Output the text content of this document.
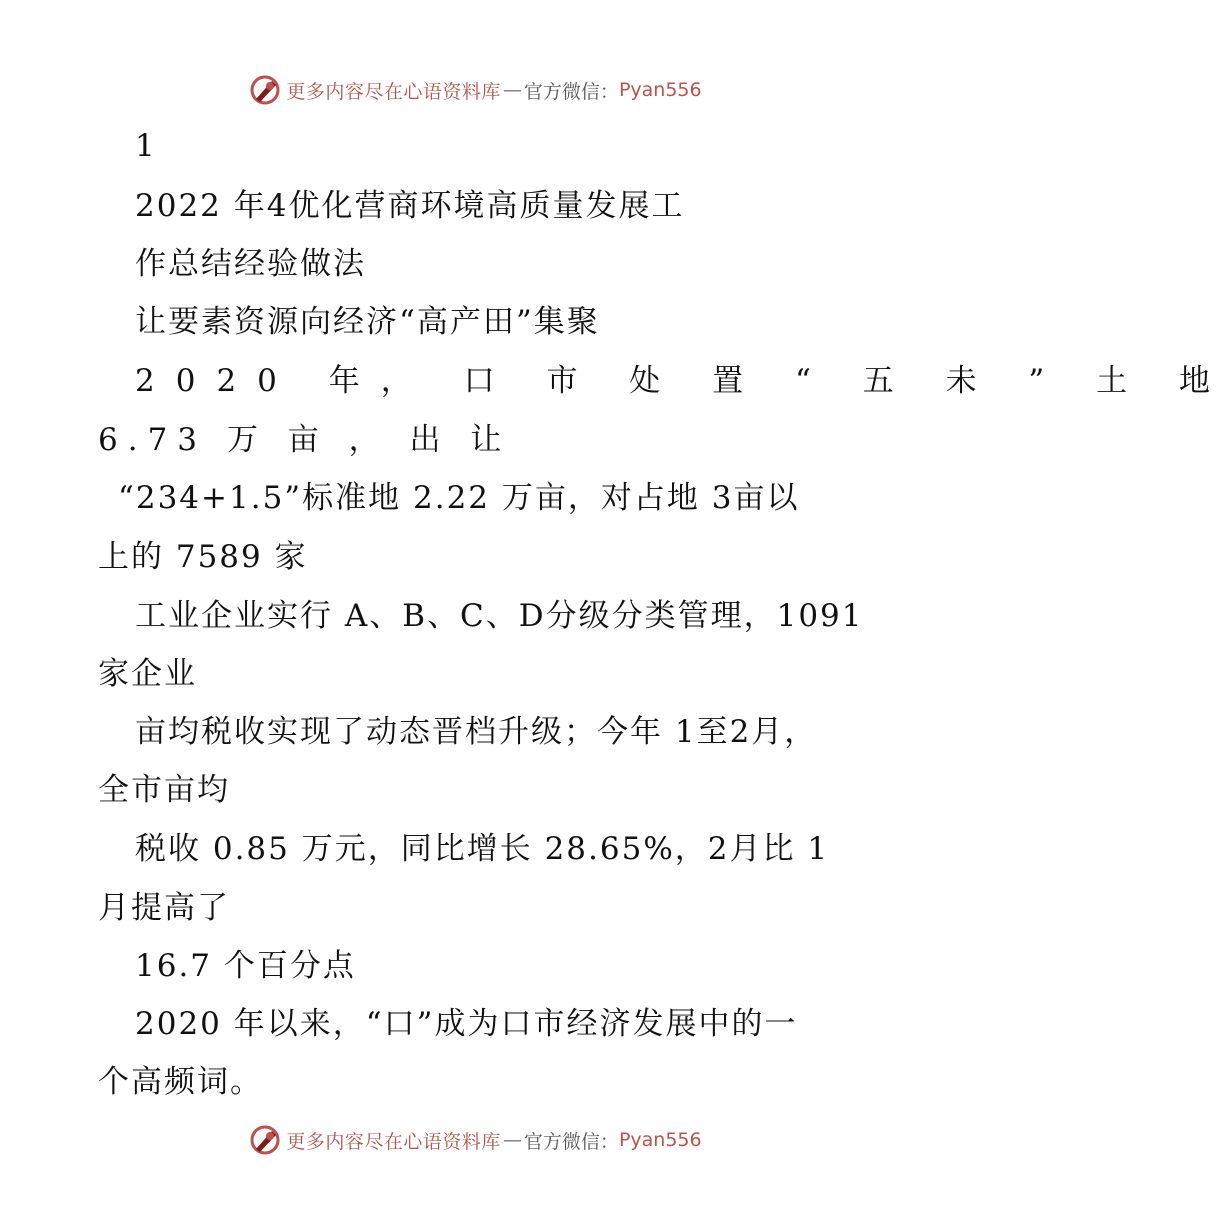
更多内容尽在心语资料库 — 官方微信： Pyan556
1
2022 年4优化营商环境高质量发展工
作总结经验做法
让要素资源向经济“高产田”集聚
2020 年， 口 市 处 置 “ 五 未 ” 土 地
6.73 万 亩 ， 出 让
“234+1.5”标准地 2.22 万亩，对占地 3亩以
上的 7589 家
工业企业实行 A、B、C、D分级分类管理，1091
家企业
亩均税收实现了动态晋档升级；今年 1至2月，
全市亩均
税收 0.85 万元，同比增长 28.65%，2月比 1
月提高了
16.7 个百分点
2020 年以来，“口”成为口市经济发展中的一
个高频词。
更多内容尽在心语资料库 — 官方微信： Pyan556
